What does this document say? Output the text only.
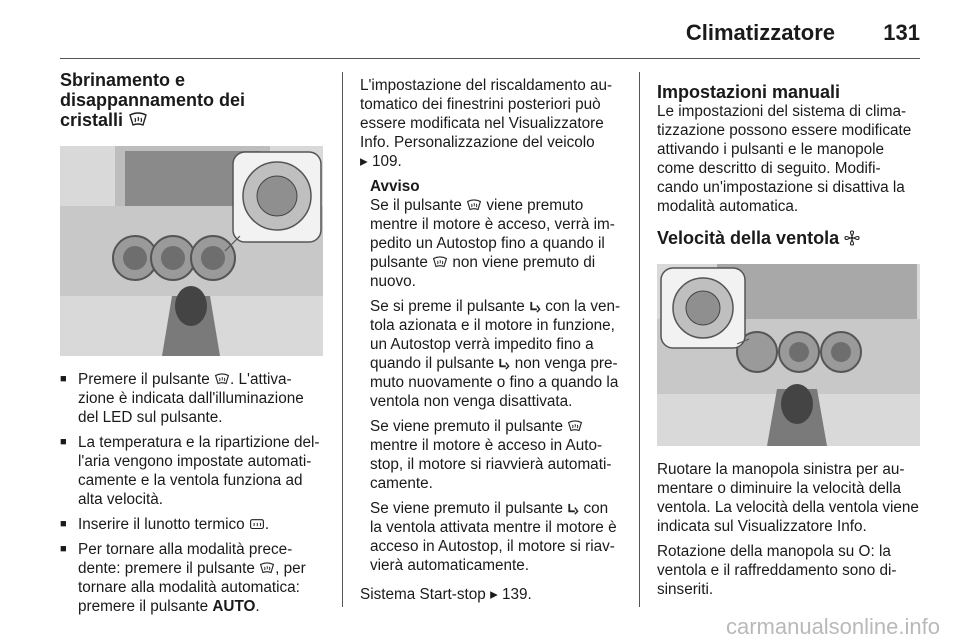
Climatizzatore 131
Sbrinamento e
disappannamento dei
cristalli
■ Premere il pulsante . L'attiva-zione è indicata dall'illuminazione del LED sul pulsante.
■ La temperatura e la ripartizione del-l'aria vengono impostate automati-camente e la ventola funziona ad alta velocità.
■ Inserire il lunotto termico .
■ Per tornare alla modalità prece-dente: premere il pulsante , per tornare alla modalità automatica: premere il pulsante AUTO.

L'impostazione del riscaldamento au-tomatico dei finestrini posteriori può essere modificata nel Visualizzatore Info. Personalizzazione del veicolo
▸ 109.

Avviso

Se il pulsante viene premuto mentre il motore è acceso, verrà im-pedito un Autostop fino a quando il pulsante non viene premuto di nuovo.

Se si preme il pulsante con la ven-tola azionata e il motore in funzione, un Autostop verrà impedito fino a quando il pulsante non venga pre-muto nuovamente o fino a quando la ventola non venga disattivata.

Se viene premuto il pulsante  mentre il motore è acceso in Auto-stop, il motore si riavvierà automati-camente.

Se viene premuto il pulsante con la ventola attivata mentre il motore è acceso in Autostop, il motore si riav-vierà automaticamente.

Sistema Start-stop ▸ 139.

Impostazioni manuali

Le impostazioni del sistema di clima-tizzazione possono essere modificate attivando i pulsanti e le manopole come descritto di seguito. Modifi-cando un'impostazione si disattiva la modalità automatica.

Velocità della ventola

Ruotare la manopola sinistra per au-mentare o diminuire la velocità della ventola. La velocità della ventola viene indicata sul Visualizzatore Info.

Rotazione della manopola su O: la ventola e il raffreddamento sono di-sinseriti.

carmanualsonline.info
